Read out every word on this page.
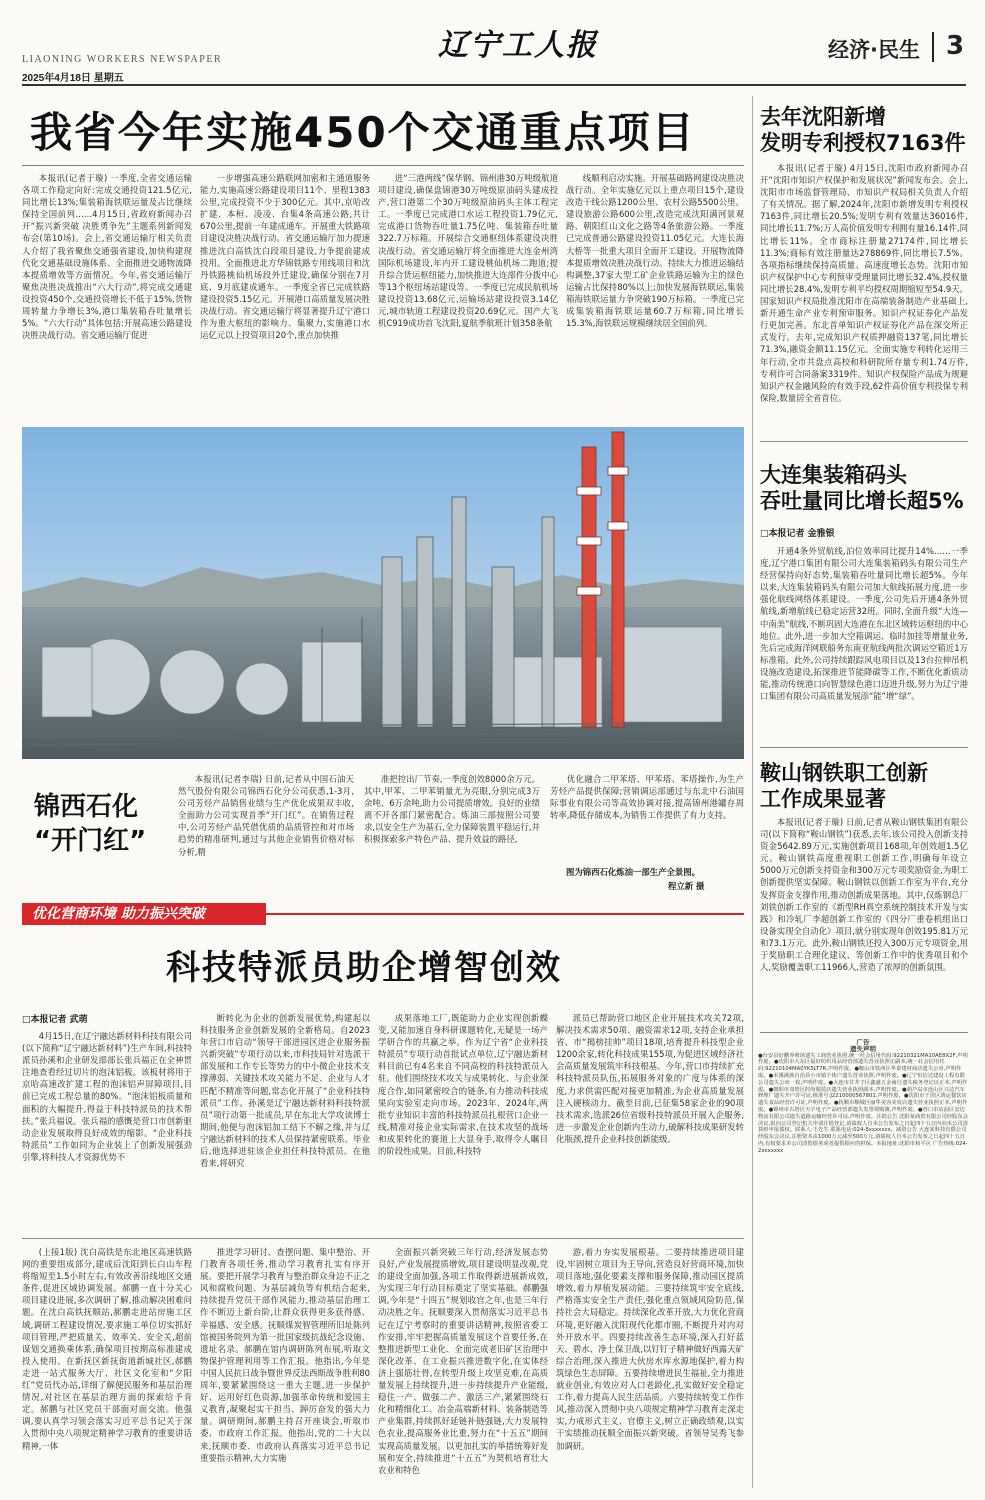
辽宁工人报
LIAONING WORKERS NEWSPAPER
2025年4月18日 星期五
经济·民生 3
我省今年实施450个交通重点项目

本报讯(记者于璇) 一季度,全省交通运输各项工作稳定向好:完成交通投资121.5亿元,同比增长13%;集装箱海铁联运量及占比继续保持全国前列……4月15日,省政府新闻办召开“振兴新突破 决胜勇争先”主题系列新闻发布会(第10场)。会上,省交通运输厅相关负责人介绍了我省聚焦交通强省建设,加快构建现代化交通基础设施体系、全面推进交通物流降本提质增效等方面情况。今年,省交通运输厅聚焦决胜决战推出“六大行动”,将完成交通建设投资450个,交通投资增长不低于15%,货物周转量力争增长3%,港口集装箱吞吐量增长5%。“六大行动”具体包括:开展高速公路建设决胜决战行动。省交通运输厅促进

一步增强高速公路联网加密和主通道服务能力,实施高速公路建设项目11个、里程1383公里,完成投资不少于300亿元。其中,京哈改扩建、本桓、凌凌、台集4条高速公路,共计670公里,提前一年建成通车。开展重大铁路项目建设决胜决战行动。省交通运输厅加力提速推进沈白高铁沈白段项目建设,力争提前建成投用。全面推进北方华锦铁路专用线项目和沈丹铁路桃仙机场段外迁建设,确保分别在7月底、9月底建成通车。一季度全省已完成铁路建设投资5.15亿元。开展港口高质量发展决胜决战行动。省交通运输厅将显著提升辽宁港口作为重大枢纽的影响力、集聚力,实施港口水运亿元以上投资项目20个,重点加快推

进“三港两线”保华钢、锦州港30万吨级航道项目建设,确保盘锦港30万吨级原油码头建成投产,营口港第二个30万吨级原油码头主体工程完工。一季度已完成港口水运工程投资1.79亿元,完成港口货物吞吐量1.75亿吨、集装箱吞吐量322.7万标箱。开展综合交通枢纽体系建设决胜决战行动。省交通运输厅将全面推进大连金州湾国际机场建设,年内开工建设桃仙机场二跑道;提升综合货运枢纽能力,加快推进大连部件分拨中心等13个枢纽场站建设等。一季度已完成民航机场建设投资13.68亿元,运输场站建设投资3.14亿元,城市轨道工程建设投资20.69亿元。国产大飞机C919成功首飞沈阳,夏航季航班计划358条航

线顺利启动实施。开展基础路网建设决胜决战行动。全年实施亿元以上重点项目15个,建设改造干线公路1200公里、农村公路5500公里。建设旅游公路600公里,改造完成沈阳满河景观路、朝阳红山文化之路等4条旅游公路。一季度已完成普通公路建设投资11.05亿元。大连长海大桥等一批重大项目全面开工建设。开展物流降本提质增效决胜决战行动。持续大力推进运输结构调整,37家大型工矿企业铁路运输为主的绿色运输占比保持80%以上;加快发展海铁联运,集装箱海铁联运量力争突破190万标箱。一季度已完成集装箱海铁联运量60.7万标箱,同比增长15.3%,海铁联运规模继续居全国前列。

去年沈阳新增
发明专利授权7163件

本报讯(记者于璇) 4月15日,沈阳市政府新闻办召开“沈阳市知识产权保护和发展状况”新闻发布会。会上,沈阳市市场监督管理局、市知识产权局相关负责人介绍了有关情况。据了解,2024年,沈阳市新增发明专利授权7163件,同比增长20.5%;发明专利有效量达36016件,同比增长11.7%;万人高价值发明专利拥有量16.14件,同比增长11%。全市商标注册量27174件,同比增长11.3%;商标有效注册量达278869件,同比增长7.5%。各项指标继续保持高质量、高速度增长态势。沈阳市知识产权保护中心专利预审受理量同比增长32.4%,授权量同比增长28.4%,发明专利平均授权周期缩短至54.9天。国家知识产权局批准沈阳市在高端装备制造产业基础上,新开通生命产业专利预审服务。知识产权证券化产品发行更加完善。东北首单知识产权证券化产品在深交所正式发行。去年,完成知识产权质押融资137笔,同比增长71.3%,融资金额11.15亿元。全面实施专利转化运用三年行动,全市共盘点高校和科研院所存量专利1.74万件,专利许可合同备案3319件。知识产权保险产品成为规避知识产权金融风险的有效手段,62件高价值专利投保专利保险,数量居全省首位。

大连集装箱码头
吞吐量同比增长超5%
□本报记者 金雅银

开通4条外贸航线,泊位效率同比提升14%……一季度,辽宁港口集团有限公司大连集装箱码头有限公司生产经营保持向好态势,集装箱吞吐量同比增长超5%。今年以来,大连集装箱码头有限公司加大航线拓展力度,进一步强化航线网络体系建设。一季度,公司先后开通4条外贸航线,新增航线已稳定运营32班。同时,全面升级“大连—中南美”航线,不断巩固大连港在东北区域转运枢纽的中心地位。此外,进一步加大空箱调运、临时加挂等增量业务,先后完成海洋网联船务东南亚航线两批次调运空箱近1万标准箱。此外,公司持续跟踪风电项目以及13台拉伸吊机设施改造建设,拓深推进节能降碳等工作,不断优化新质动能,推动传统港口向智慧绿色港口迈进升级,努力为辽宁港口集团有限公司高质量发展添“能”增“绿”。

鞍山钢铁职工创新
工作成果显著

本报讯(记者于璇) 日前,记者从鞍山钢铁集团有限公司(以下简称“鞍山钢铁”)获悉,去年,该公司投入创新支持资金5642.89万元,实施创新项目168项,年创效超1.5亿元。鞍山钢铁高度重视职工创新工作,明确每年设立5000万元创新支持资金和300万元专项奖励资金,为职工创新提供坚实保障。鞍山钢铁以创新工作室为平台,充分发挥资金支撑作用,推动创新成果落地。其中,仅炼钢总厂刘铁创新工作室的《新型RH真空系统控制技术开发与实践》和冷轧厂李超创新工作室的《四分厂重卷机组出口设备实现全自动化》项目,就分别实现年创效195.81万元和73.1万元。此外,鞍山钢铁还投入300万元专项资金,用于奖励职工合理化建议、等创新工作中的优秀项目和个人,奖励覆盖职工11966人,营造了浓厚的创新氛围。

广告
遗失声明
●台安县好鹏养殖场遗失工商营业执照,统一社会信用代码:92210321MA10AE8X2F,声明作废。●沈阳市大东区福好纺织用品经营部遗失营业执照正副本,统一社会信用代码:92210104MA0YK5LT7R,声明作废。●鞍山市铁西区华泰建材商店遗失公章,声明作废。●本溪满族自治县小市镇个体户遗失营业执照,声明作废。●辽宁恒信达建设工程有限公司遗失公章一枚,声明作废。●大连市甘井子区鑫盛五金商行遗失税务登记证正本,声明作废。●朝阳市双塔区时尚服装店遗失营业执照副本,声明作废。●葫芦岛市连山区兴达汽车修理厂遗失开户许可证,核准号:J2210000567801,声明作废。●沈阳市于洪区鸿运餐饮店遗失食品经营许可证,声明作废。●抚顺市顺城区丽华美容美发店遗失营业执照正本,声明作废。●锦州市古塔区天宇电子产品经营部遗失发票领购簿,声明作废。●营口市站前区宏达物流有限公司遗失道路运输经营许可证,声明作废。注销公告 沈阳某商贸有限公司经股东会决议,拟向公司登记机关申请注销登记,请债权人自本公告发布之日起四十五日内向本公司清算组申报债权。联系人:王先生 联系电话:024-8xxxxxxx。减资公告 大连某科技有限公司经股东会决议,注册资本由1000万元减至500万元,请债权人自本公告发布之日起四十五日内,有权要求本公司清偿债务或者提供相应的担保。本报地址:沈阳市和平区 广告热线:024-2xxxxxxx
锦西石化
“开门红”

本报讯(记者李瑞) 日前,记者从中国石油天然气股份有限公司锦西石化分公司获悉,1-3月,公司芳烃产品销售业绩与生产优化成果双丰收,全面助力公司实现首季“开门红”。在销售过程中,公司芳烃产品凭借优质的品质管控和对市场趋势的精准研判,通过与其他企业销售价格对标分析,精

准把控出厂节奏,一季度创效8000余万元。其中,甲苯、二甲苯销量尤为亮眼,分别完成3万余吨、6万余吨,助力公司提质增效。良好的业绩离不开各部门紧密配合。炼油三部按照公司要求,以安全生产为基石,全力保障装置平稳运行,并积极探索多产特色产品、提升效益的路径,

优化融合二甲苯塔、甲苯塔、苯塔操作,为生产芳烃产品提供保障;营销调运部通过与东北中石油国际事业有限公司等高效协调对接,提高锦州港罐存周转率,降低存储成本,为销售工作提供了有力支持。

图为锦西石化炼油一部生产全景图。
程立新 摄
优化营商环境 助力振兴突破
科技特派员助企增智创效
□本报记者 武萌

4月15日,在辽宁融达新材料科技有限公司(以下简称“辽宁融达新材料”)生产车间,科技特派员孙溪和企业研发部部长张兵福正在全神贯注地查看经过切片的泡沫铝板。该板材将用于京哈高速改扩建工程的泡沫铝声屏障项目,目前已完成工程总量的80%。“泡沫铝板质量和面积的大幅提升,得益于科技特派员的技术帮扶。”张兵福说。张兵福的感慨是营口市创新驱动企业发展取得良好成效的缩影。“企业科技特派员”工作如同为企业装上了创新发展强劲引擎,将科技人才资源优势不

断转化为企业的创新发展优势,构建起以科技服务企业创新发展的全新格局。自2023年营口市启动“领导干部进园区进企业服务振兴新突破”专项行动以来,市科技局针对选派干部发展和工作专长等势力的中小微企业技术支撑薄弱、关键技术攻关能力不足、企业与人才匹配不精准等问题,常态化开展了“企业科技特派员”工作。孙溪是辽宁融达新材料科技特派员”项行动第一批成员,早在东北大学攻读博士期间,他便与泡沫铝加工结下不解之缘,并与辽宁融达新材料的技术人员保持紧密联系。毕业后,他选择进驻该企业担任科技特派员。在他看来,将研究

成果落地工厂,既能助力企业实现创新蝶变,又能加速自身科研课题转化,无疑是一场产学研合作的共赢之举。作为辽宁省“企业科技特派员”专项行动首批试点单位,辽宁融达新材料目前已有4名来自不同高校的科技特派员入驻。他们围绕技术攻关与成果转化、与企业深度合作,如同紧密咬合的链条,有力推动科技成果向实验室走向市场。2023年、2024年,两批专业知识丰富的科技特派员扎根营口企业一线,精准对接企业实际需求,在技术攻坚的战场和成果转化的赛道上大显身手,取得令人瞩目的阶段性成果。目前,科技特

派员已帮助营口地区企业开展技术攻关72项,解决技术需求50项、融资需求12项,支持企业承担省、市“揭榜挂帅”项目18项,培育提升科技型企业1200余家,转化科技成果155项,为促进区域经济社会高质量发展筑牢科技根基。今年,营口市持续扩充科技特派员队伍,拓展服务对象的广度与体系的深度,力求供需匹配对接更加精准,为企业高质量发展注入硬核动力。截至目前,已征集58家企业的90项技术需求,选派26位省级科技特派员开展入企服务,进一步激发企业创新内生动力,破解科技成果研发转化瓶颈,提升企业科技创新能级。

(上接1版) 沈白高铁是东北地区高速铁路网的重要组成部分,建成后沈阳到长白山车程将缩短至1.5小时左右,有效改善沿线地区交通条件,促进区域协调发展。郝鹏一直十分关心项目建设进展,多次调研了解,推动解决困难问题。在沈白高铁抚顺站,郝鹏走进站房施工区域,调研工程建设情况,要求施工单位切实抓好项目管理,严把质量关、效率关、安全关,超前谋划交通换乘体系,确保项目按期高标准建成投入使用。在新抚区新抚街道新城社区,郝鹏走进一站式服务大厅、社区文化室和“夕阳红”党员代办站,详细了解便民服务和基层治理情况,对社区在基层治理方面的探索给予肯定。郝鹏与社区党员干部面对面交流。他强调,要认真学习领会落实习近平总书记关于深入贯彻中央八项规定精神学习教育的重要讲话精神,一体

推进学习研讨、查摆问题、集中整治、开门教育各项任务,推动学习教育扎实有序开展。要把开展学习教育与整治群众身边不正之风和腐败问题、为基层减负等有机结合起来,持续提升党员干部作风能力,推动基层治理工作不断迈上新台阶,让群众获得更多获得感、幸福感、安全感。抚顺煤炭智管理所旧址陈列馆被国务院列为第一批国家级抗战纪念设施、遗址名录。郝鹏在馆内调研陈列布展,听取文物保护管理利用等工作汇报。他指出,今年是中国人民抗日战争暨世界反法西斯战争胜利80周年,要紧紧围绕这一重大主题,进一步保护好、运用好红色资源,加强革命传统和爱国主义教育,凝聚起实干担当、踔厉奋发的强大力量。调研期间,郝鹏主持召开座谈会,听取市委、市政府工作汇报。他指出,党的二十大以来,抚顺市委、市政府认真落实习近平总书记重要指示精神,大力实施

全面振兴新突破三年行动,经济发展态势良好,产业发展提质增效,项目建设明显改观,党的建设全面加强,各项工作取得新进展新成效,为实现三年行动目标奠定了坚实基础。郝鹏强调,今年是“十四五”规划收官之年,也是三年行动决胜之年。抚顺要深入贯彻落实习近平总书记在辽宁考察时的重要讲话精神,按照省委工作安排,牢牢把握高质量发展这个首要任务,在整推进新型工业化、全面完成老旧矿区治理中深化改革、在工业振兴推进数字化,在实体经济上强筋壮骨,在转型升级上攻坚克难,在高质量发展上持续提升,进一步持续提升产业能级,稳住一产、做强二产、激活三产,紧紧围绕石化和精细化工、冶金高端新材料、装备制造等产业集群,持续抓好延链补链强链,大力发展特色农业,提高服务业比重,努力在“十五五”期间实现高质量发展。以更加扎实的举措统筹好发展和安全,持续推进“十五五”为契机培育壮大农业和特色

游,着力夯实发展根基。二要持续推进项目建设,牢固树立项目为王导向,营造良好营商环境,加快项目落地,强化要素支撑和服务保障,推动园区提质增效,着力厚植发展动能。三要持续筑牢安全底线,严格落实安全生产责任,强化重点领域风险防范,保持社会大局稳定。持续深化改革开放,大力优化营商环境,更好融入沈阳现代化都市圈,不断提升对内对外开放水平。四要持续改善生态环境,深入打好蓝天、碧水、净土保卫战,以钉钉子精神做好西露天矿综合治理,深入推进大伙房水库水源地保护,着力构筑绿色生态屏障。五要持续增进民生福祉,全力推进就业创业,有效应对人口老龄化,扎实做好安全稳定工作,着力提高人民生活品质。六要持续转变工作作风,推动深入贯彻中央八项规定精神学习教育走深走实,力戒形式主义、官僚主义,树立正确政绩观,以实干实绩推动抚顺全面振兴新突破。省领导吴秀飞参加调研。
